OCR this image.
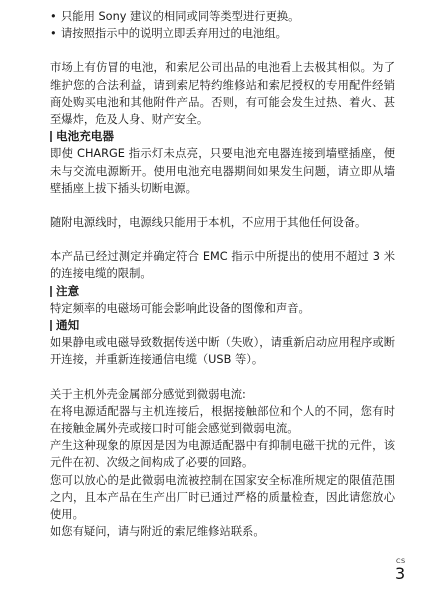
• 只能用 Sony 建议的相同或同等类型进行更换。
• 请按照指示中的说明立即丢弃用过的电池组。

市场上有仿冒的电池，和索尼公司出品的电池看上去极其相似。为了维护您的合法利益，请到索尼特约维修站和索尼授权的专用配件经销商处购买电池和其他附件产品。否则，有可能会发生过热、着火、甚至爆炸，危及人身、财产安全。

电池充电器

即使 CHARGE 指示灯未点亮，只要电池充电器连接到墙壁插座，便未与交流电源断开。使用电池充电器期间如果发生问题，请立即从墙壁插座上拔下插头切断电源。

随附电源线时，电源线只能用于本机，不应用于其他任何设备。

本产品已经过测定并确定符合 EMC 指示中所提出的使用不超过 3 米的连接电缆的限制。

注意

特定频率的电磁场可能会影响此设备的图像和声音。

通知

如果静电或电磁导致数据传送中断（失败），请重新启动应用程序或断开连接，并重新连接通信电缆（USB 等）。

关于主机外壳金属部分感觉到微弱电流:

在将电源适配器与主机连接后，根据接触部位和个人的不同，您有时在接触金属外壳或接口时可能会感觉到微弱电流。

产生这种现象的原因是因为电源适配器中有抑制电磁干扰的元件，该元件在初、次级之间构成了必要的回路。

您可以放心的是此微弱电流被控制在国家安全标准所规定的限值范围之内，且本产品在生产出厂时已通过严格的质量检查，因此请您放心使用。

如您有疑问，请与附近的索尼维修站联系。

CS
3
